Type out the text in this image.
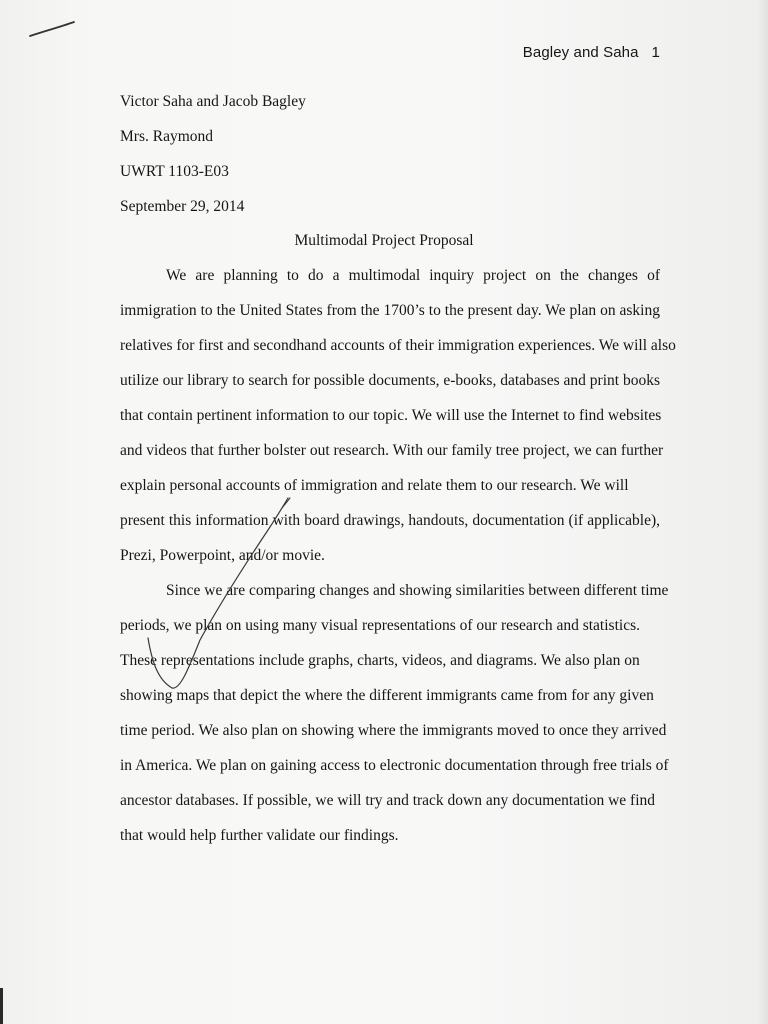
Bagley and Saha 1
Victor Saha and Jacob Bagley
Mrs. Raymond
UWRT 1103-E03
September 29, 2014
Multimodal Project Proposal
We are planning to do a multimodal inquiry project on the changes of
immigration to the United States from the 1700’s to the present day. We plan on asking
relatives for first and secondhand accounts of their immigration experiences. We will also
utilize our library to search for possible documents, e-books, databases and print books
that contain pertinent information to our topic. We will use the Internet to find websites
and videos that further bolster out research. With our family tree project, we can further
explain personal accounts of immigration and relate them to our research. We will
present this information with board drawings, handouts, documentation (if applicable),
Prezi, Powerpoint, and/or movie.
Since we are comparing changes and showing similarities between different time
periods, we plan on using many visual representations of our research and statistics.
These representations include graphs, charts, videos, and diagrams. We also plan on
showing maps that depict the where the different immigrants came from for any given
time period. We also plan on showing where the immigrants moved to once they arrived
in America. We plan on gaining access to electronic documentation through free trials of
ancestor databases. If possible, we will try and track down any documentation we find
that would help further validate our findings.
